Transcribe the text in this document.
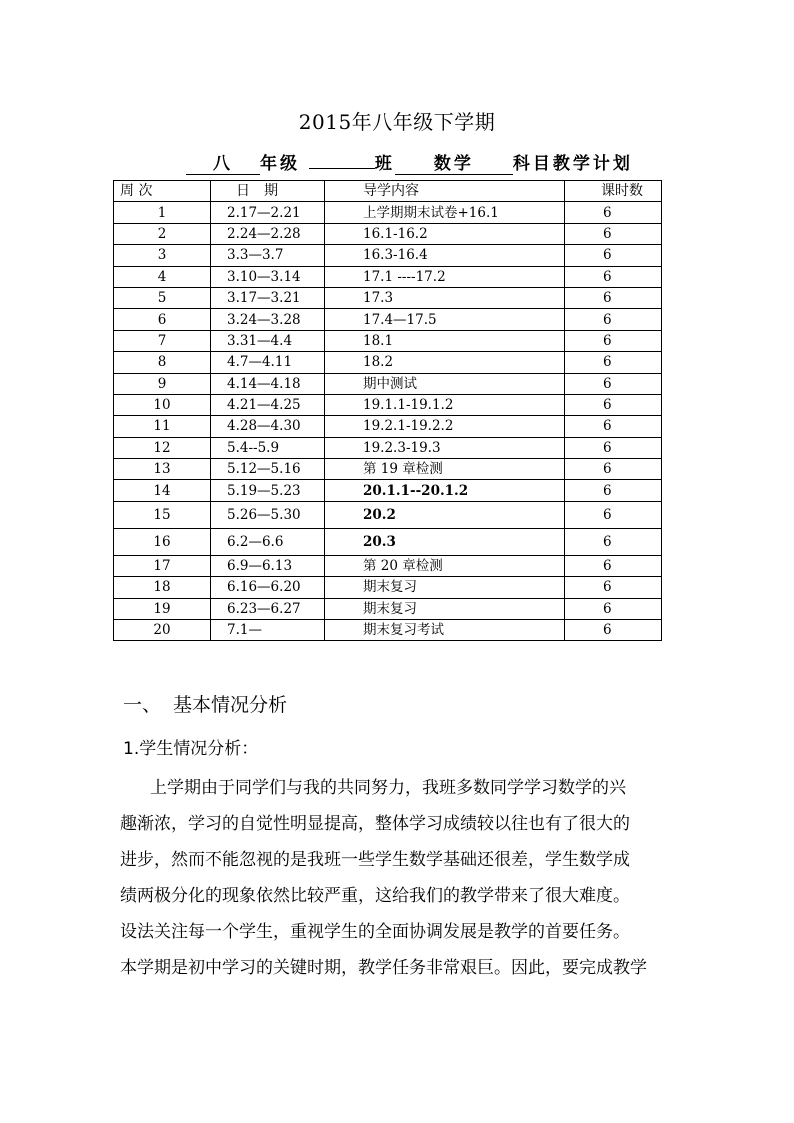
2015年八年级下学期
八 年级	班 数学 科目教学计划
周 次	日　期	导学内容	课时数
1	2.17—2.21	上学期期末试卷+16.1	6
2	2.24—2.28	16.1-16.2	6
3	3.3—3.7	16.3-16.4	6
4	3.10—3.14	17.1 ----17.2	6
5	3.17—3.21	17.3	6
6	3.24—3.28	17.4—17.5	6
7	3.31—4.4	18.1	6
8	4.7—4.11	18.2	6
9	4.14—4.18	期中测试	6
10	4.21—4.25	19.1.1-19.1.2	6
11	4.28—4.30	19.2.1-19.2.2	6
12	5.4--5.9	19.2.3-19.3	6
13	5.12—5.16	第 19 章检测	6
14	5.19—5.23	20.1.1--20.1.2	6
15	5.26—5.30	20.2	6
16	6.2—6.6	20.3	6
17	6.9—6.13	第 20 章检测	6
18	6.16—6.20	期末复习	6
19	6.23—6.27	期末复习	6
20	7.1—	期末复习考试	6
一、 基本情况分析
1.学生情况分析：
上学期由于同学们与我的共同努力，我班多数同学学习数学的兴
趣渐浓，学习的自觉性明显提高，整体学习成绩较以往也有了很大的
进步，然而不能忽视的是我班一些学生数学基础还很差，学生数学成
绩两极分化的现象依然比较严重，这给我们的教学带来了很大难度。
设法关注每一个学生，重视学生的全面协调发展是教学的首要任务。
本学期是初中学习的关键时期，教学任务非常艰巨。因此，要完成教学
